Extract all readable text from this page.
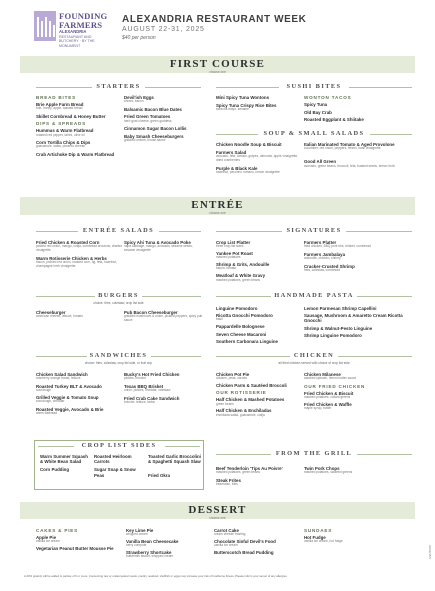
FOUNDING
FARMERS
ALEXANDRIA
RESTAURANT AND BUTCHERY · BY THE MONUMENT
ALEXANDRIA RESTAURANT WEEK
AUGUST 22-31, 2025
$40 per person
FIRST COURSE
choose one
STARTERS
BREAD BITES
Brie Apple Farm Bread
brie, honey, apple, toasted bread
Skillet Cornbread & Honey Butter
DIPS & SPREADS
Hummus & Warm Flatbread
roasted red pepper, tahini, olive oil
Corn Tortilla Chips & Dips
guacamole, salsa, pimento cheese
Crab Artichoke Dip & Warm Flatbread
Devil'ish Eggs
chives, bacon
Balsamic Bacon Blue Dates
Fried Green Tomatoes
herb goat cheese, green goddess
Cinnamon Sugar Bacon Lollis
Baby Smash Cheeseburgers
griddled onions, house sauce
SUSHI BITES
Mini Spicy Tuna Wontons
Spicy Tuna Crispy Rice Bites
sriracha mayo, sesame
WONTON TACOS
Spicy Tuna
Old Bay Crab
Roasted Eggplant & Shiitake
SOUP & SMALL SALADS
Chicken Noodle Soup & Biscuit
Farmers Salad
avocado, feta, tomato, grapes, almonds, apple vinaigrette, dried cranberries
Purple & Black Kale
hazelnut, pecorino romano, lemon vinaigrette
Italian Marinated Tomato & Aged Provolone
cucumber, red onion, peppers, fennel, basil vinaigrette
Good All Green
avocado, green beans, broccoli, feta, toasted seeds, lemon herb
ENTRÉE
choose one
ENTRÉE SALADS
Fried Chicken & Roasted Corn
pickled red onion, mango, cotija, cornbread croutons, cilantro vinaigrette
Warm Rotisserie Chicken & Herbs
bacon, pickled red onion, roasted corn, fig, feta, hazelnut, champagne herb vinaigrette
Spicy Ahi Tuna & Avocado Poke
napa cabbage, mango, avocado, sesame seeds, sesame vinaigrette
SIGNATURES
Crop List Platter
three crop list sides
Yankee Pot Roast
mashed potatoes
Shrimp & Grits, Andouille
bacon, tomato
Meatloaf & White Gravy
mashed potatoes, green beans
Farmers Platter
fried chicken, BBQ pork ribs, brisket, cornbread
Farmers Jambalaya
andouille, chicken, shrimp
Cracker-Crusted Shrimp
fries, coleslaw, cornbread
BURGERS
choice: fries, coleslaw, crop list side
Cheeseburger
american cheese, lettuce, tomato
Pub Bacon Cheeseburger
griddled mushroom & onion, pickled peppers, spicy pub sauce
HANDMADE PASTA
Linguine Pomodoro
Ricotta Gnocchi Pomodoro
basil
Pappardelle Bolognese
Seven Cheese Macaroni
Southern Carbonara Linguine
Lemon Parmesan Shrimp Capellini
Sausage, Mushroom & Amaretto Cream Ricotta Gnocchi
Shrimp & Walnut-Pesto Linguine
Shrimp Linguine Pomodoro
SANDWICHES
choice: fries, coleslaw, crop list side, or fruit cup
Chicken Salad Sandwich
cranberry orange bread, lettuce
Roasted Turkey BLT & Avocado
sourdough
Grilled Veggie & Tomato Soup
sourdough, cheddar
Roasted Veggie, Avocado & Brie
warm flatbread
Bucky's Hot Fried Chicken
pickles, brioche
Texas BBQ Brisket
onion, pickles, cheddar, coleslaw
Fried Crab Cake Sandwich
brioche, lettuce, tartar
CHICKEN
all fried chicken served with choice of crop list side
Chicken Pot Pie
chicken, peas, carrots
Chicken Parm & Sautéed Broccoli
OUR ROTISSERIE
Half Chicken & Mashed Potatoes
green beans
Half Chicken & Enchiladas
enchilada salad, guacamole, cotija
Chicken Milanese
sautéed spinach, lemon butter sauce
OUR FRIED CHICKEN
Fried Chicken & Biscuit
mashed potatoes, collard greens
Fried Chicken & Waffle
maple syrup, butter
CROP LIST SIDES
Warm Summer Squash & White Bean Salad
Corn Pudding
Roasted Heirloom Carrots
Sugar Snap & Snow Peas
Toasted Garlic Broccolini & Spaghetti Squash Slaw
Fried Okra
FROM THE GRILL
Beef Tenderloin 'Tips Au Poivre'
mashed potatoes, green beans
Steak Frites
béarnaise, fries
Twin Pork Chops
mashed potatoes, sautéed greens
DESSERT
choose one
CAKES & PIES
Apple Pie
vanilla ice cream
Vegetarian Peanut Butter Mousse Pie
Key Lime Pie
whipped cream
Vanilla Bean Cheesecake
berry compote
Strawberry Shortcake
buttermilk biscuit, whipped cream
Carrot Cake
cream cheese frosting
Chocolate Sinful Devil's Food
vanilla ice cream
Butterscotch Bread Pudding
SUNDAES
Hot Fudge
vanilla ice cream, hot fudge
A 20% gratuity will be added to parties of 6 or more. Consuming raw or undercooked meats, poultry, seafood, shellfish or eggs may increase your risk of foodborne illness. Please inform your server of any allergies.
AWRW0825
